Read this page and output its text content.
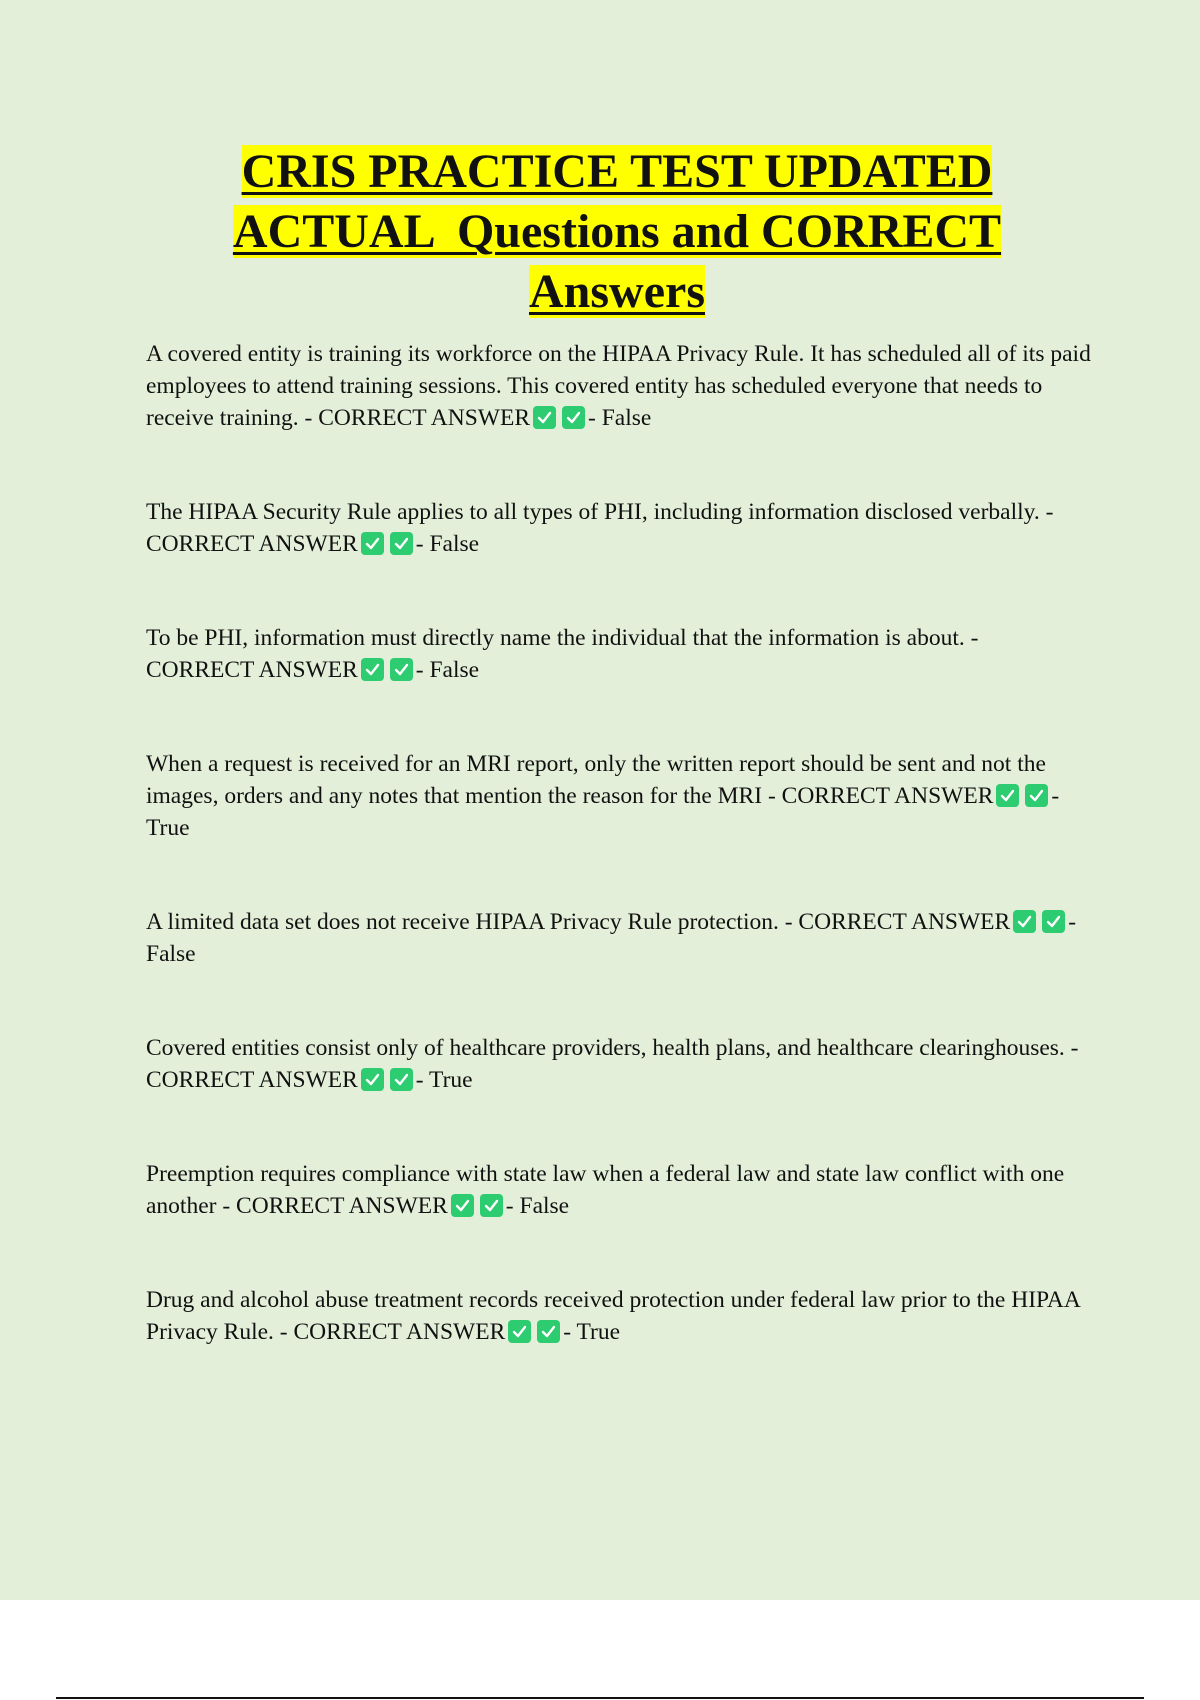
CRIS PRACTICE TEST UPDATED
ACTUAL  Questions and CORRECT
Answers
A covered entity is training its workforce on the HIPAA Privacy Rule. It has scheduled all of its paid employees to attend training sessions. This covered entity has scheduled everyone that needs to receive training. - CORRECT ANSWER - False
The HIPAA Security Rule applies to all types of PHI, including information disclosed verbally. - CORRECT ANSWER - False
To be PHI, information must directly name the individual that the information is about. - CORRECT ANSWER - False
When a request is received for an MRI report, only the written report should be sent and not the images, orders and any notes that mention the reason for the MRI - CORRECT ANSWER - True
A limited data set does not receive HIPAA Privacy Rule protection. - CORRECT ANSWER - False
Covered entities consist only of healthcare providers, health plans, and healthcare clearinghouses. - CORRECT ANSWER - True
Preemption requires compliance with state law when a federal law and state law conflict with one another - CORRECT ANSWER - False
Drug and alcohol abuse treatment records received protection under federal law prior to the HIPAA Privacy Rule. - CORRECT ANSWER - True
